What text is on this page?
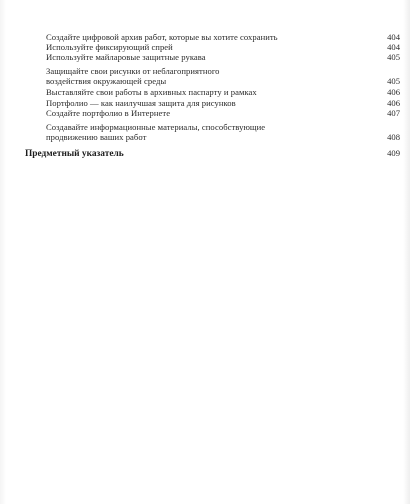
Создайте цифровой архив работ, которые вы хотите сохранить	404
Используйте фиксирующий спрей	404
Используйте майларовые защитные рукава	405
Защищайте свои рисунки от неблагоприятного
воздействия окружающей среды	405
Выставляйте свои работы в архивных паспарту и рамках	406
Портфолио — как наилучшая защита для рисунков	406
Создайте портфолио в Интернете	407
Создавайте информационные материалы, способствующие
продвижению ваших работ	408
Предметный указатель	409
